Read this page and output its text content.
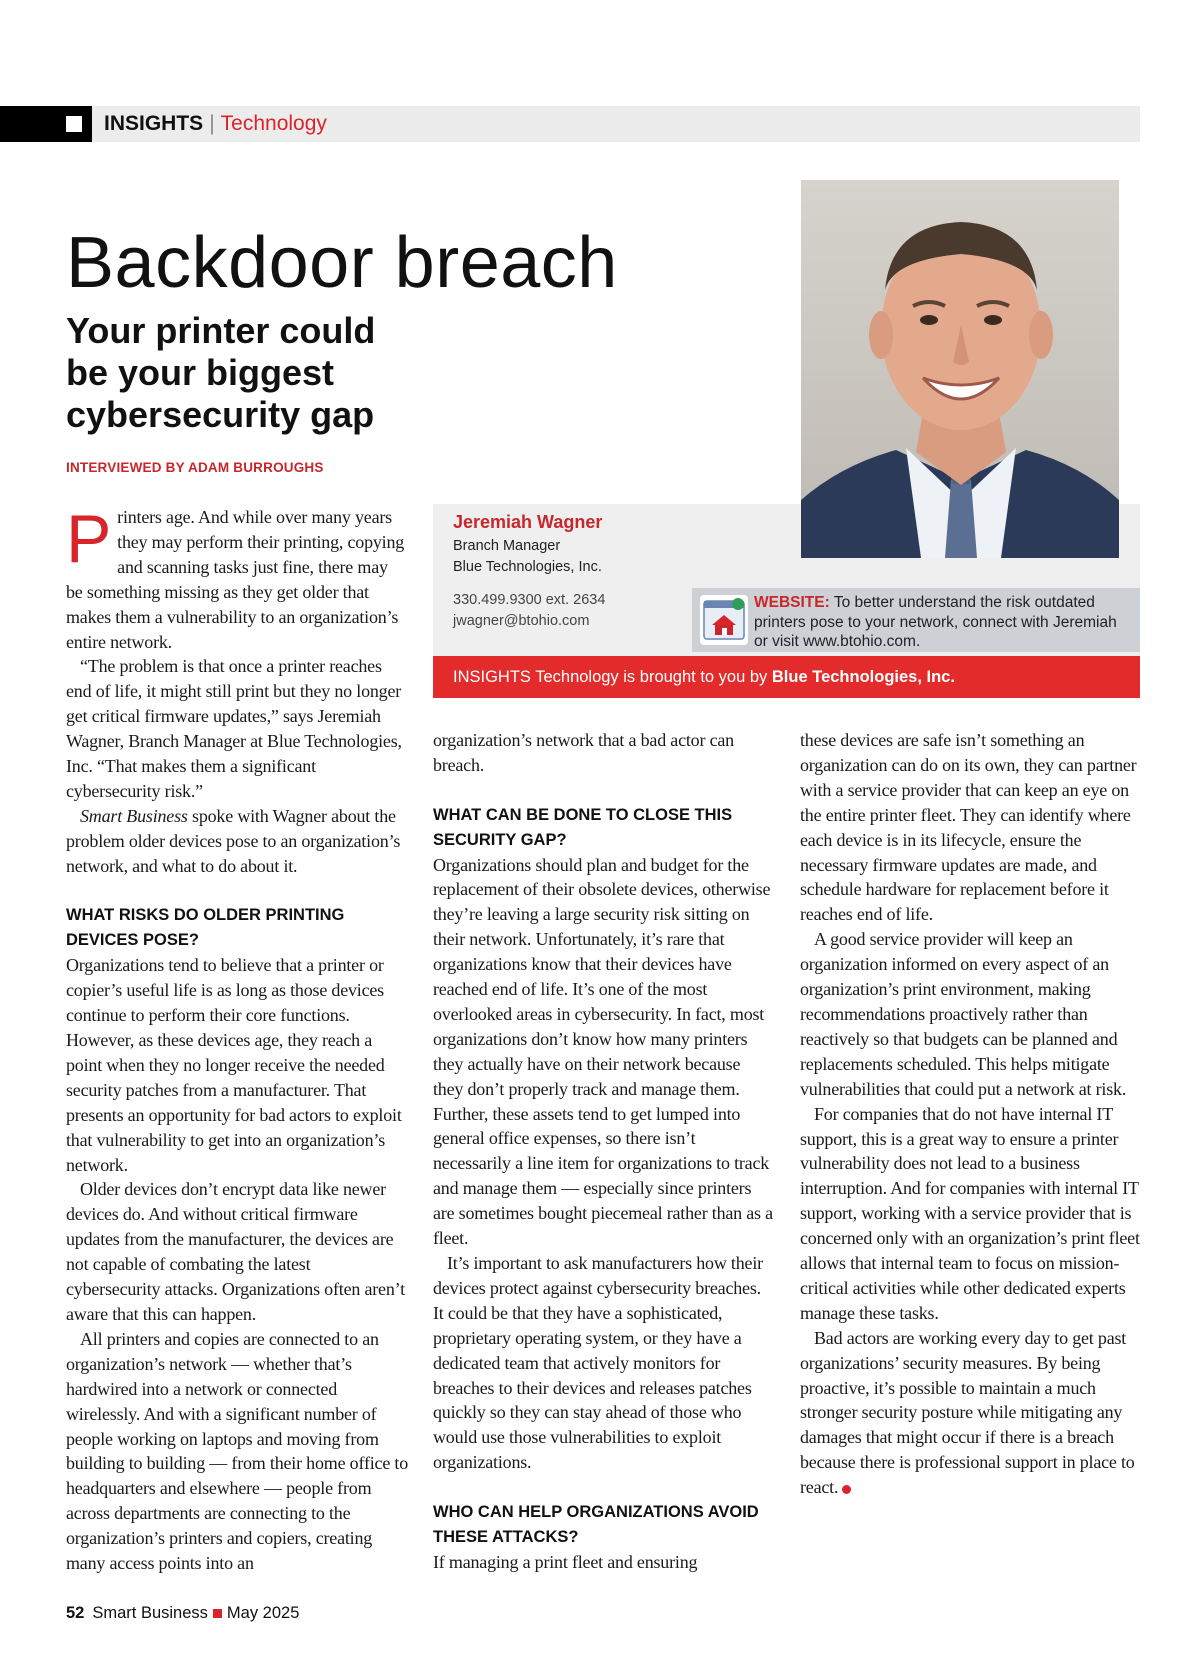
INSIGHTS | Technology
Backdoor breach
Your printer could be your biggest cybersecurity gap
INTERVIEWED BY ADAM BURROUGHS
Jeremiah Wagner
Branch Manager
Blue Technologies, Inc.
330.499.9300 ext. 2634
jwagner@btohio.com
WEBSITE: To better understand the risk outdated printers pose to your network, connect with Jeremiah or visit www.btohio.com.
INSIGHTS Technology is brought to you by Blue Technologies, Inc.

Printers age. And while over many years they may perform their printing, copying and scanning tasks just fine, there may be something missing as they get older that makes them a vulnerability to an organization’s entire network.

“The problem is that once a printer reaches end of life, it might still print but they no longer get critical firmware updates,” says Jeremiah Wagner, Branch Manager at Blue Technologies, Inc. “That makes them a significant cybersecurity risk.”

Smart Business spoke with Wagner about the problem older devices pose to an organization’s network, and what to do about it.

WHAT RISKS DO OLDER PRINTING DEVICES POSE?

Organizations tend to believe that a printer or copier’s useful life is as long as those devices continue to perform their core functions. However, as these devices age, they reach a point when they no longer receive the needed security patches from a manufacturer. That presents an opportunity for bad actors to exploit that vulnerability to get into an organization’s network.

Older devices don’t encrypt data like newer devices do. And without critical firmware updates from the manufacturer, the devices are not capable of combating the latest cybersecurity attacks. Organizations often aren’t aware that this can happen.

All printers and copies are connected to an organization’s network — whether that’s hardwired into a network or connected wirelessly. And with a significant number of people working on laptops and moving from building to building — from their home office to headquarters and elsewhere — people from across departments are connecting to the organization’s printers and copiers, creating many access points into an

organization’s network that a bad actor can breach.

WHAT CAN BE DONE TO CLOSE THIS SECURITY GAP?

Organizations should plan and budget for the replacement of their obsolete devices, otherwise they’re leaving a large security risk sitting on their network. Unfortunately, it’s rare that organizations know that their devices have reached end of life. It’s one of the most overlooked areas in cybersecurity. In fact, most organizations don’t know how many printers they actually have on their network because they don’t properly track and manage them. Further, these assets tend to get lumped into general office expenses, so there isn’t necessarily a line item for organizations to track and manage them — especially since printers are sometimes bought piecemeal rather than as a fleet.

It’s important to ask manufacturers how their devices protect against cybersecurity breaches. It could be that they have a sophisticated, proprietary operating system, or they have a dedicated team that actively monitors for breaches to their devices and releases patches quickly so they can stay ahead of those who would use those vulnerabilities to exploit organizations.

WHO CAN HELP ORGANIZATIONS AVOID THESE ATTACKS?

If managing a print fleet and ensuring

these devices are safe isn’t something an organization can do on its own, they can partner with a service provider that can keep an eye on the entire printer fleet. They can identify where each device is in its lifecycle, ensure the necessary firmware updates are made, and schedule hardware for replacement before it reaches end of life.

A good service provider will keep an organization informed on every aspect of an organization’s print environment, making recommendations proactively rather than reactively so that budgets can be planned and replacements scheduled. This helps mitigate vulnerabilities that could put a network at risk.

For companies that do not have internal IT support, this is a great way to ensure a printer vulnerability does not lead to a business interruption. And for companies with internal IT support, working with a service provider that is concerned only with an organization’s print fleet allows that internal team to focus on mission-critical activities while other dedicated experts manage these tasks.

Bad actors are working every day to get past organizations’ security measures. By being proactive, it’s possible to maintain a much stronger security posture while mitigating any damages that might occur if there is a breach because there is professional support in place to react.

52 Smart Business May 2025
